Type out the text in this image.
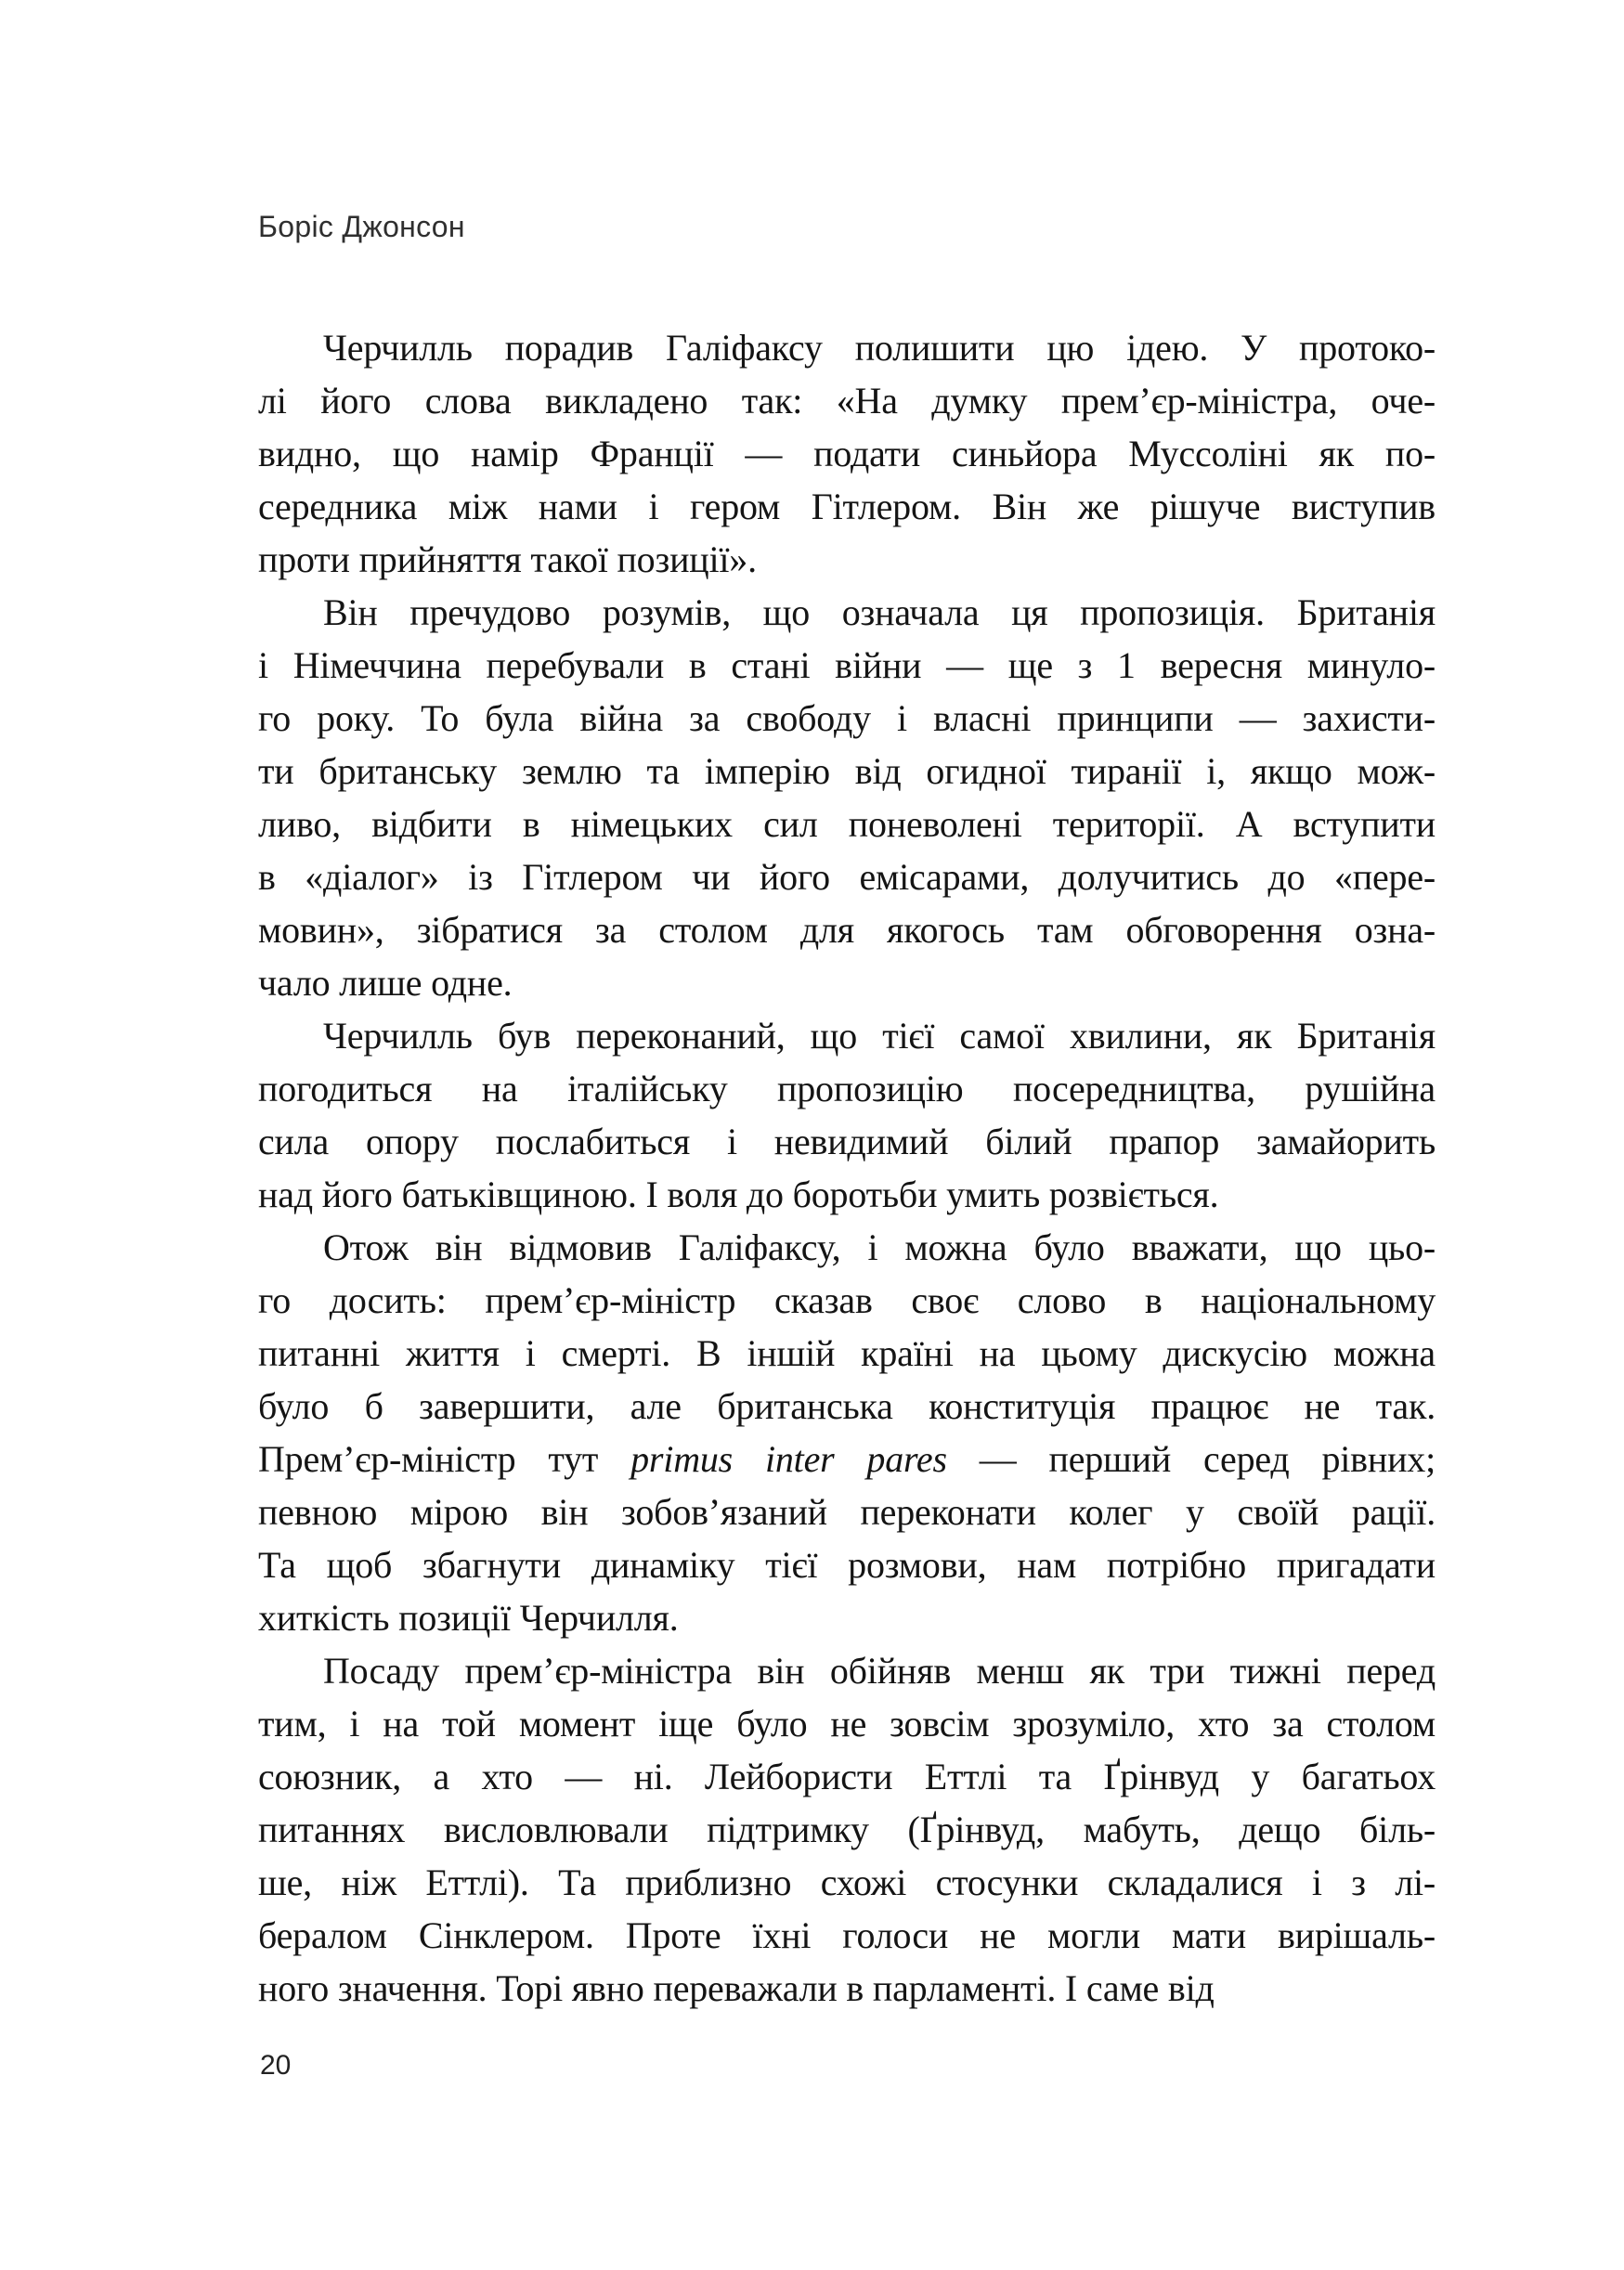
Боріс Джонсон
Черчилль порадив Галіфаксу полишити цю ідею. У протоко-
лі його слова викладено так: «На думку прем’єр-міністра, оче-
видно, що намір Франції — подати синьйора Муссоліні як по-
середника між нами і гером Гітлером. Він же рішуче виступив
проти прийняття такої позиції».
Він пречудово розумів, що означала ця пропозиція. Британія
і Німеччина перебували в стані війни — ще з 1 вересня минуло-
го року. То була війна за свободу і власні принципи — захисти-
ти британську землю та імперію від огидної тиранії і, якщо мож-
ливо, відбити в німецьких сил поневолені території. А вступити
в «діалог» із Гітлером чи його емісарами, долучитись до «пере-
мовин», зібратися за столом для якогось там обговорення озна-
чало лише одне.
Черчилль був переконаний, що тієї самої хвилини, як Британія
погодиться на італійську пропозицію посередництва, рушійна
сила опору послабиться і невидимий білий прапор замайорить
над його батьківщиною. І воля до боротьби умить розвіється.
Отож він відмовив Галіфаксу, і можна було вважати, що цьо-
го досить: прем’єр-міністр сказав своє слово в національному
питанні життя і смерті. В іншій країні на цьому дискусію можна
було б завершити, але британська конституція працює не так.
Прем’єр-міністр тут primus inter pares — перший серед рівних;
певною мірою він зобов’язаний переконати колег у своїй рації.
Та щоб збагнути динаміку тієї розмови, нам потрібно пригадати
хиткість позиції Черчилля.
Посаду прем’єр-міністра він обійняв менш як три тижні перед
тим, і на той момент іще було не зовсім зрозуміло, хто за столом
союзник, а хто — ні. Лейбористи Еттлі та Ґрінвуд у багатьох
питаннях висловлювали підтримку (Ґрінвуд, мабуть, дещо біль-
ше, ніж Еттлі). Та приблизно схожі стосунки складалися і з лі-
бералом Сінклером. Проте їхні голоси не могли мати вирішаль-
ного значення. Торі явно переважали в парламенті. І саме від
20
